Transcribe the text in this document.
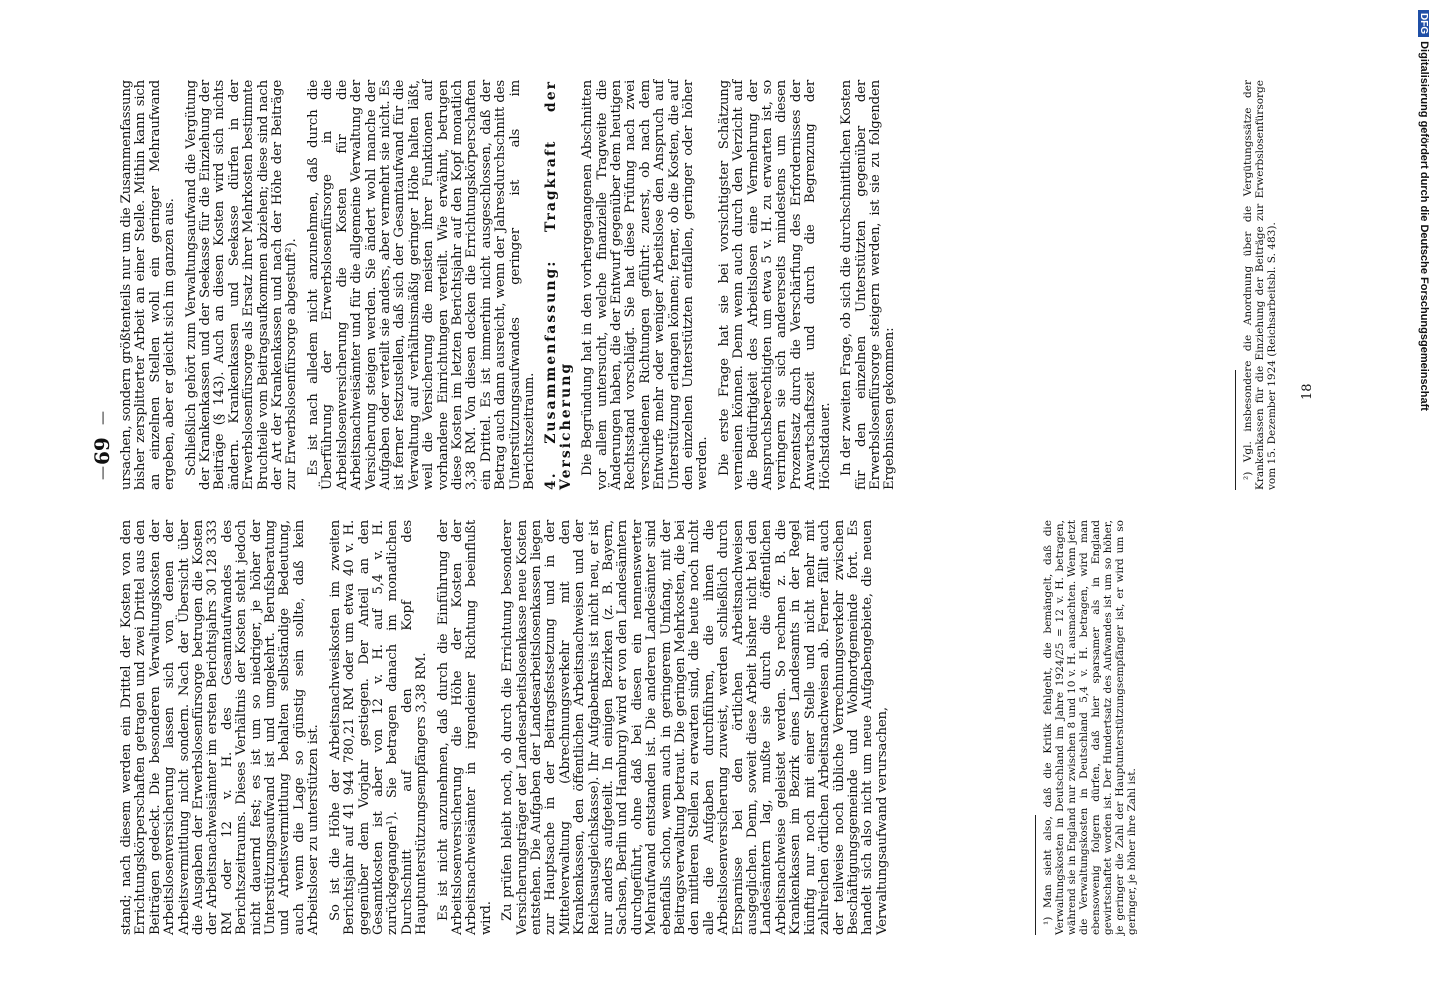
—
69
—

stand; nach diesem werden ein Drittel der Kosten von den Errichtungskörperschaften getragen und zwei Drittel aus den Beiträgen gedeckt. Die besonderen Verwaltungskosten der Arbeitslosenversicherung lassen sich von denen der Arbeitsvermittlung nicht sondern. Nach der Übersicht über die Ausgaben der Erwerbslosenfürsorge betrugen die Kosten der Arbeitsnachweisämter im ersten Berichtsjahrs 30 128 333 RM oder 12 v. H. des Gesamtaufwandes des Berichtszeitraums. Dieses Verhältnis der Kosten steht jedoch nicht dauernd fest; es ist um so niedriger, je höher der Unterstützungsaufwand ist und umgekehrt. Berufsberatung und Arbeitsvermittlung behalten selbständige Bedeutung, auch wenn die Lage so günstig sein sollte, daß kein Arbeitsloser zu unterstützen ist. So ist die Höhe der Arbeitsnachweiskosten im zweiten Berichtsjahr auf 41 944 780,21 RM oder um etwa 40 v. H. gegenüber dem Vorjahr gestiegen. Der Anteil an den Gesamtkosten ist aber von 12 v. H. auf 5,4 v. H. zurückgegangen¹). Sie betragen danach im monatlichen Durchschnitt auf den Kopf des Hauptunterstützungsempfängers 3,38 RM. Es ist nicht anzunehmen, daß durch die Einführung der Arbeitslosenversicherung die Höhe der Kosten der Arbeitsnachweisämter in irgendeiner Richtung beeinflußt wird. Zu prüfen bleibt noch, ob durch die Errichtung besonderer Versicherungsträger der Landesarbeitslosenkasse neue Kosten entstehen. Die Aufgaben der Landesarbeitslosenkassen liegen zur Hauptsache in der Beitragsfestsetzung und in der Mittelverwaltung (Abrechnungsverkehr mit den Krankenkassen, den öffentlichen Arbeitsnachweisen und der Reichsausgleichskasse). Ihr Aufgabenkreis ist nicht neu, er ist nur anders aufgeteilt. In einigen Bezirken (z. B. Bayern, Sachsen, Berlin und Hamburg) wird er von den Landesämtern durchgeführt, ohne daß bei diesen ein nennenswerter Mehraufwand entstanden ist. Die anderen Landesämter sind ebenfalls schon, wenn auch in geringerem Umfang, mit der Beitragsverwaltung betraut. Die geringen Mehrkosten, die bei den mittleren Stellen zu erwarten sind, die heute noch nicht alle die Aufgaben durchführen, die ihnen die Arbeitslosenversicherung zuweist, werden schließlich durch Ersparnisse bei den örtlichen Arbeitsnachweisen ausgeglichen. Denn, soweit diese Arbeit bisher nicht bei den Landesämtern lag, mußte sie durch die öffentlichen Arbeitsnachweise geleistet werden. So rechnen z. B. die Krankenkassen im Bezirk eines Landesamts in der Regel künftig nur noch mit einer Stelle und nicht mehr mit zahlreichen örtlichen Arbeitsnachweisen ab. Ferner fällt auch der teilweise noch übliche Verrechnungsverkehr zwischen Beschäftigungsgemeinde und Wohnortgemeinde fort. Es handelt sich also nicht um neue Aufgabengebiete, die neuen Verwaltungsaufwand verursachen,	¹) Man sieht also, daß die Kritik fehlgeht, die bemängelt, daß die Verwaltungskosten in Deutschland im Jahre 1924/25 = 12 v. H. betragen, während sie in England nur zwischen 8 und 10 v. H. ausmachten. Wenn jetzt die Verwaltungskosten in Deutschland 5,4 v. H. betragen, wird man ebensowenig folgern dürfen, daß hier sparsamer als in England gewirtschaftet worden ist. Der Hundertsatz des Aufwandes ist um so höher, je geringer die Zahl der Hauptunterstützungsempfänger ist, er wird um so geringer, je höher ihre Zahl ist.

ursachen, sondern größtenteils nur um die Zusammenfassung bisher zersplitterter Arbeit an einer Stelle. Mithin kann sich an einzelnen Stellen wohl ein geringer Mehraufwand ergeben, aber er gleicht sich im ganzen aus. Schließlich gehört zum Verwaltungsaufwand die Vergütung der Krankenkassen und der Seekasse für die Einziehung der Beiträge (§ 143). Auch an diesen Kosten wird sich nichts ändern. Krankenkassen und Seekasse dürfen in der Erwerbslosenfürsorge als Ersatz ihrer Mehrkosten bestimmte Bruchteile vom Beitragsaufkommen abziehen; diese sind nach der Art der Krankenkassen und nach der Höhe der Beiträge zur Erwerbslosenfürsorge abgestuft²). Es ist nach alledem nicht anzunehmen, daß durch die Überführung der Erwerbslosenfürsorge in die Arbeitslosenversicherung die Kosten für die Arbeitsnachweisämter und für die allgemeine Verwaltung der Versicherung steigen werden. Sie ändert wohl manche der Aufgaben oder verteilt sie anders, aber vermehrt sie nicht. Es ist ferner festzustellen, daß sich der Gesamtaufwand für die Verwaltung auf verhältnismäßig geringer Höhe halten läßt, weil die Versicherung die meisten ihrer Funktionen auf vorhandene Einrichtungen verteilt. Wie erwähnt, betrugen diese Kosten im letzten Berichtsjahr auf den Kopf monatlich 3,38 RM. Von diesen decken die Errichtungskörperschaften ein Drittel. Es ist immerhin nicht ausgeschlossen, daß der Betrag auch dann ausreicht, wenn der Jahresdurchschnitt des Unterstützungsaufwandes geringer ist als im Berichtszeitraum. 4. Zusammenfassung: Tragkraft der Versicherung Die Begründung hat in den vorhergegangenen Abschnitten vor allem untersucht, welche finanzielle Tragweite die Änderungen haben, die der Entwurf gegenüber dem heutigen Rechtsstand vorschlägt. Sie hat diese Prüfung nach zwei verschiedenen Richtungen geführt: zuerst, ob nach dem Entwurfe mehr oder weniger Arbeitslose den Anspruch auf Unterstützung erlangen können; ferner, ob die Kosten, die auf den einzelnen Unterstützten entfallen, geringer oder höher werden. Die erste Frage hat sie bei vorsichtigster Schätzung verneinen können. Denn wenn auch durch den Verzicht auf die Bedürftigkeit des Arbeitslosen eine Vermehrung der Anspruchsberechtigten um etwa 5 v. H. zu erwarten ist, so verringern sie sich andererseits mindestens um diesen Prozentsatz durch die Verschärfung des Erfordernisses der Anwartschaftszeit und durch die Begrenzung der Höchstdauer. In der zweiten Frage, ob sich die durchschnittlichen Kosten für den einzelnen Unterstützten gegenüber der Erwerbslosenfürsorge steigern werden, ist sie zu folgenden Ergebnissen gekommen:	²) Vgl. insbesondere die Anordnung über die Vergütungssätze der Krankenkassen für die Einziehung der Beiträge zur Erwerbslosenfürsorge vom 15. Dezember 1924 (Reichsarbeitsbl. S. 483). 18
DFGDigitalisierung gefördert durch die Deutsche Forschungsgemeinschaft
